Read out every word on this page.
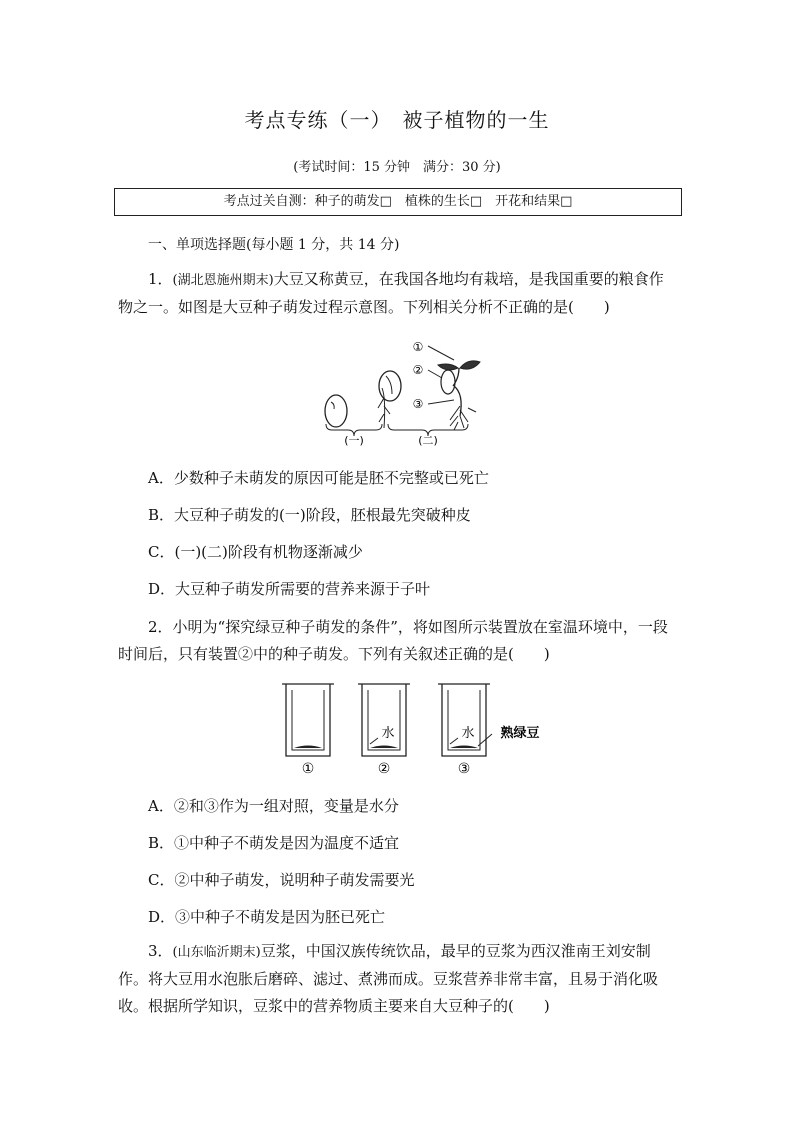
考点专练（一）　被子植物的一生
(考试时间：15 分钟　满分：30 分)
考点过关自测：种子的萌发□　植株的生长□　开花和结果□
一、单项选择题(每小题 1 分，共 14 分)
1．(湖北恩施州期末)大豆又称黄豆，在我国各地均有栽培，是我国重要的粮食作物之一。如图是大豆种子萌发过程示意图。下列相关分析不正确的是(　　)
①
②
③
(一)	(二)
A．少数种子未萌发的原因可能是胚不完整或已死亡
B．大豆种子萌发的(一)阶段，胚根最先突破种皮
C．(一)(二)阶段有机物逐渐减少
D．大豆种子萌发所需要的营养来源于子叶
2．小明为“探究绿豆种子萌发的条件”，将如图所示装置放在室温环境中，一段时间后，只有装置②中的种子萌发。下列有关叙述正确的是(　　)
①
水
②
水
③
熟绿豆
A．②和③作为一组对照，变量是水分
B．①中种子不萌发是因为温度不适宜
C．②中种子萌发，说明种子萌发需要光
D．③中种子不萌发是因为胚已死亡
3．(山东临沂期末)豆浆，中国汉族传统饮品，最早的豆浆为西汉淮南王刘安制作。将大豆用水泡胀后磨碎、滤过、煮沸而成。豆浆营养非常丰富，且易于消化吸收。根据所学知识，豆浆中的营养物质主要来自大豆种子的(　　)
